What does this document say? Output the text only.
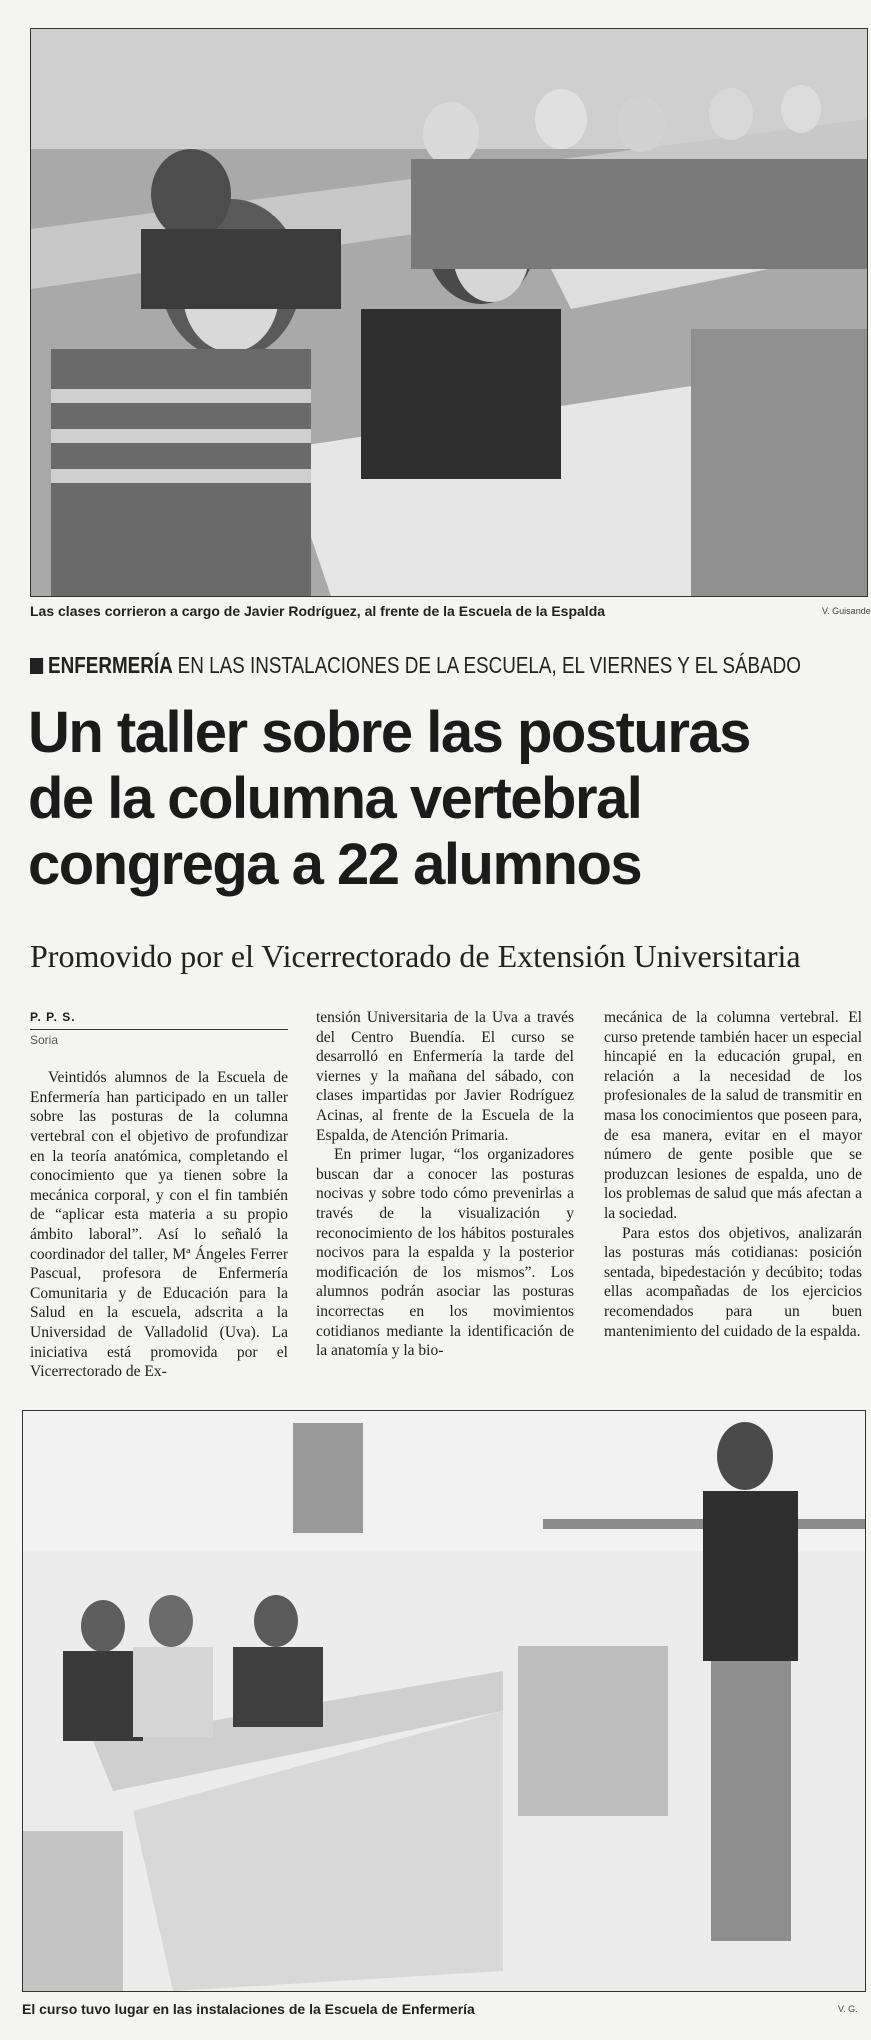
Las clases corrieron a cargo de Javier Rodríguez, al frente de la Escuela de la Espalda	V. Guisande
ENFERMERÍA EN LAS INSTALACIONES DE LA ESCUELA, EL VIERNES Y EL SÁBADO
Un taller sobre las posturas
de la columna vertebral
congrega a 22 alumnos
Promovido por el Vicerrectorado de Extensión Universitaria
P. P. S.
Soria

Veintidós alumnos de la Escuela de Enfermería han participado en un taller sobre las posturas de la columna vertebral con el objetivo de profundizar en la teoría anatómica, completando el conocimiento que ya tienen sobre la mecánica corporal, y con el fin también de “aplicar esta materia a su propio ámbito laboral”. Así lo señaló la coordinador del taller, Mª Ángeles Ferrer Pascual, profesora de Enfermería Comunitaria y de Educación para la Salud en la escuela, adscrita a la Universidad de Valladolid (Uva). La iniciativa está promovida por el Vicerrectorado de Ex-

tensión Universitaria de la Uva a través del Centro Buendía. El curso se desarrolló en Enfermería la tarde del viernes y la mañana del sábado, con clases impartidas por Javier Rodríguez Acinas, al frente de la Escuela de la Espalda, de Atención Primaria.

En primer lugar, “los organizadores buscan dar a conocer las posturas nocivas y sobre todo cómo prevenirlas a través de la visualización y reconocimiento de los hábitos posturales nocivos para la espalda y la posterior modificación de los mismos”. Los alumnos podrán asociar las posturas incorrectas en los movimientos cotidianos mediante la identificación de la anatomía y la bio-

mecánica de la columna vertebral. El curso pretende también hacer un especial hincapié en la educación grupal, en relación a la necesidad de los profesionales de la salud de transmitir en masa los conocimientos que poseen para, de esa manera, evitar en el mayor número de gente posible que se produzcan lesiones de espalda, uno de los problemas de salud que más afectan a la sociedad.

Para estos dos objetivos, analizarán las posturas más cotidianas: posición sentada, bipedestación y decúbito; todas ellas acompañadas de los ejercicios recomendados para un buen mantenimiento del cuidado de la espalda.

El curso tuvo lugar en las instalaciones de la Escuela de Enfermería	V. G.
